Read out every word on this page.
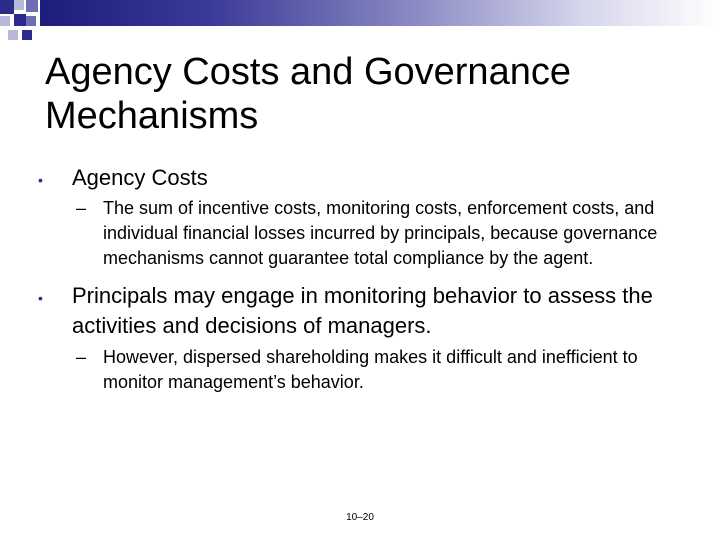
Agency Costs and Governance Mechanisms
• Agency Costs
– The sum of incentive costs, monitoring costs, enforcement costs, and individual financial losses incurred by principals, because governance mechanisms cannot guarantee total compliance by the agent.
• Principals may engage in monitoring behavior to assess the activities and decisions of managers.
– However, dispersed shareholding makes it difficult and inefficient to monitor management’s behavior.
10–20
